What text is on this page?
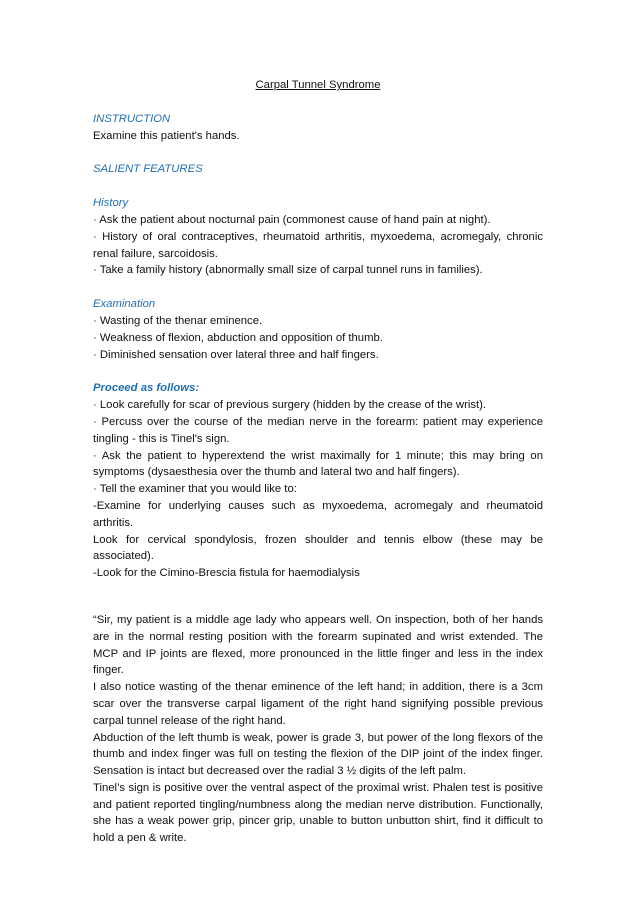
Carpal Tunnel Syndrome

INSTRUCTION

Examine this patient's hands.

SALIENT FEATURES

History

· Ask the patient about nocturnal pain (commonest cause of hand pain at night).

· History of oral contraceptives, rheumatoid arthritis, myxoedema, acromegaly, chronic renal failure, sarcoidosis.

· Take a family history (abnormally small size of carpal tunnel runs in families).

Examination

· Wasting of the thenar eminence.

· Weakness of flexion, abduction and opposition of thumb.

· Diminished sensation over lateral three and half fingers.

Proceed as follows:

· Look carefully for scar of previous surgery (hidden by the crease of the wrist).

· Percuss over the course of the median nerve in the forearm: patient may experience tingling - this is Tinel's sign.

· Ask the patient to hyperextend the wrist maximally for 1 minute; this may bring on symptoms (dysaesthesia over the thumb and lateral two and half fingers).

· Tell the examiner that you would like to:

-Examine for underlying causes such as myxoedema, acromegaly and rheumatoid arthritis.

Look for cervical spondylosis, frozen shoulder and tennis elbow (these may be associated).

-Look for the Cimino-Brescia fistula for haemodialysis

“Sir, my patient is a middle age lady who appears well. On inspection, both of her hands are in the normal resting position with the forearm supinated and wrist extended. The MCP and IP joints are flexed, more pronounced in the little finger and less in the index finger.

I also notice wasting of the thenar eminence of the left hand; in addition, there is a 3cm scar over the transverse carpal ligament of the right hand signifying possible previous carpal tunnel release of the right hand.

Abduction of the left thumb is weak, power is grade 3, but power of the long flexors of the thumb and index finger was full on testing the flexion of the DIP joint of the index finger. Sensation is intact but decreased over the radial 3 ½ digits of the left palm.

Tinel’s sign is positive over the ventral aspect of the proximal wrist. Phalen test is positive and patient reported tingling/numbness along the median nerve distribution. Functionally, she has a weak power grip, pincer grip, unable to button unbutton shirt, find it difficult to hold a pen & write.
